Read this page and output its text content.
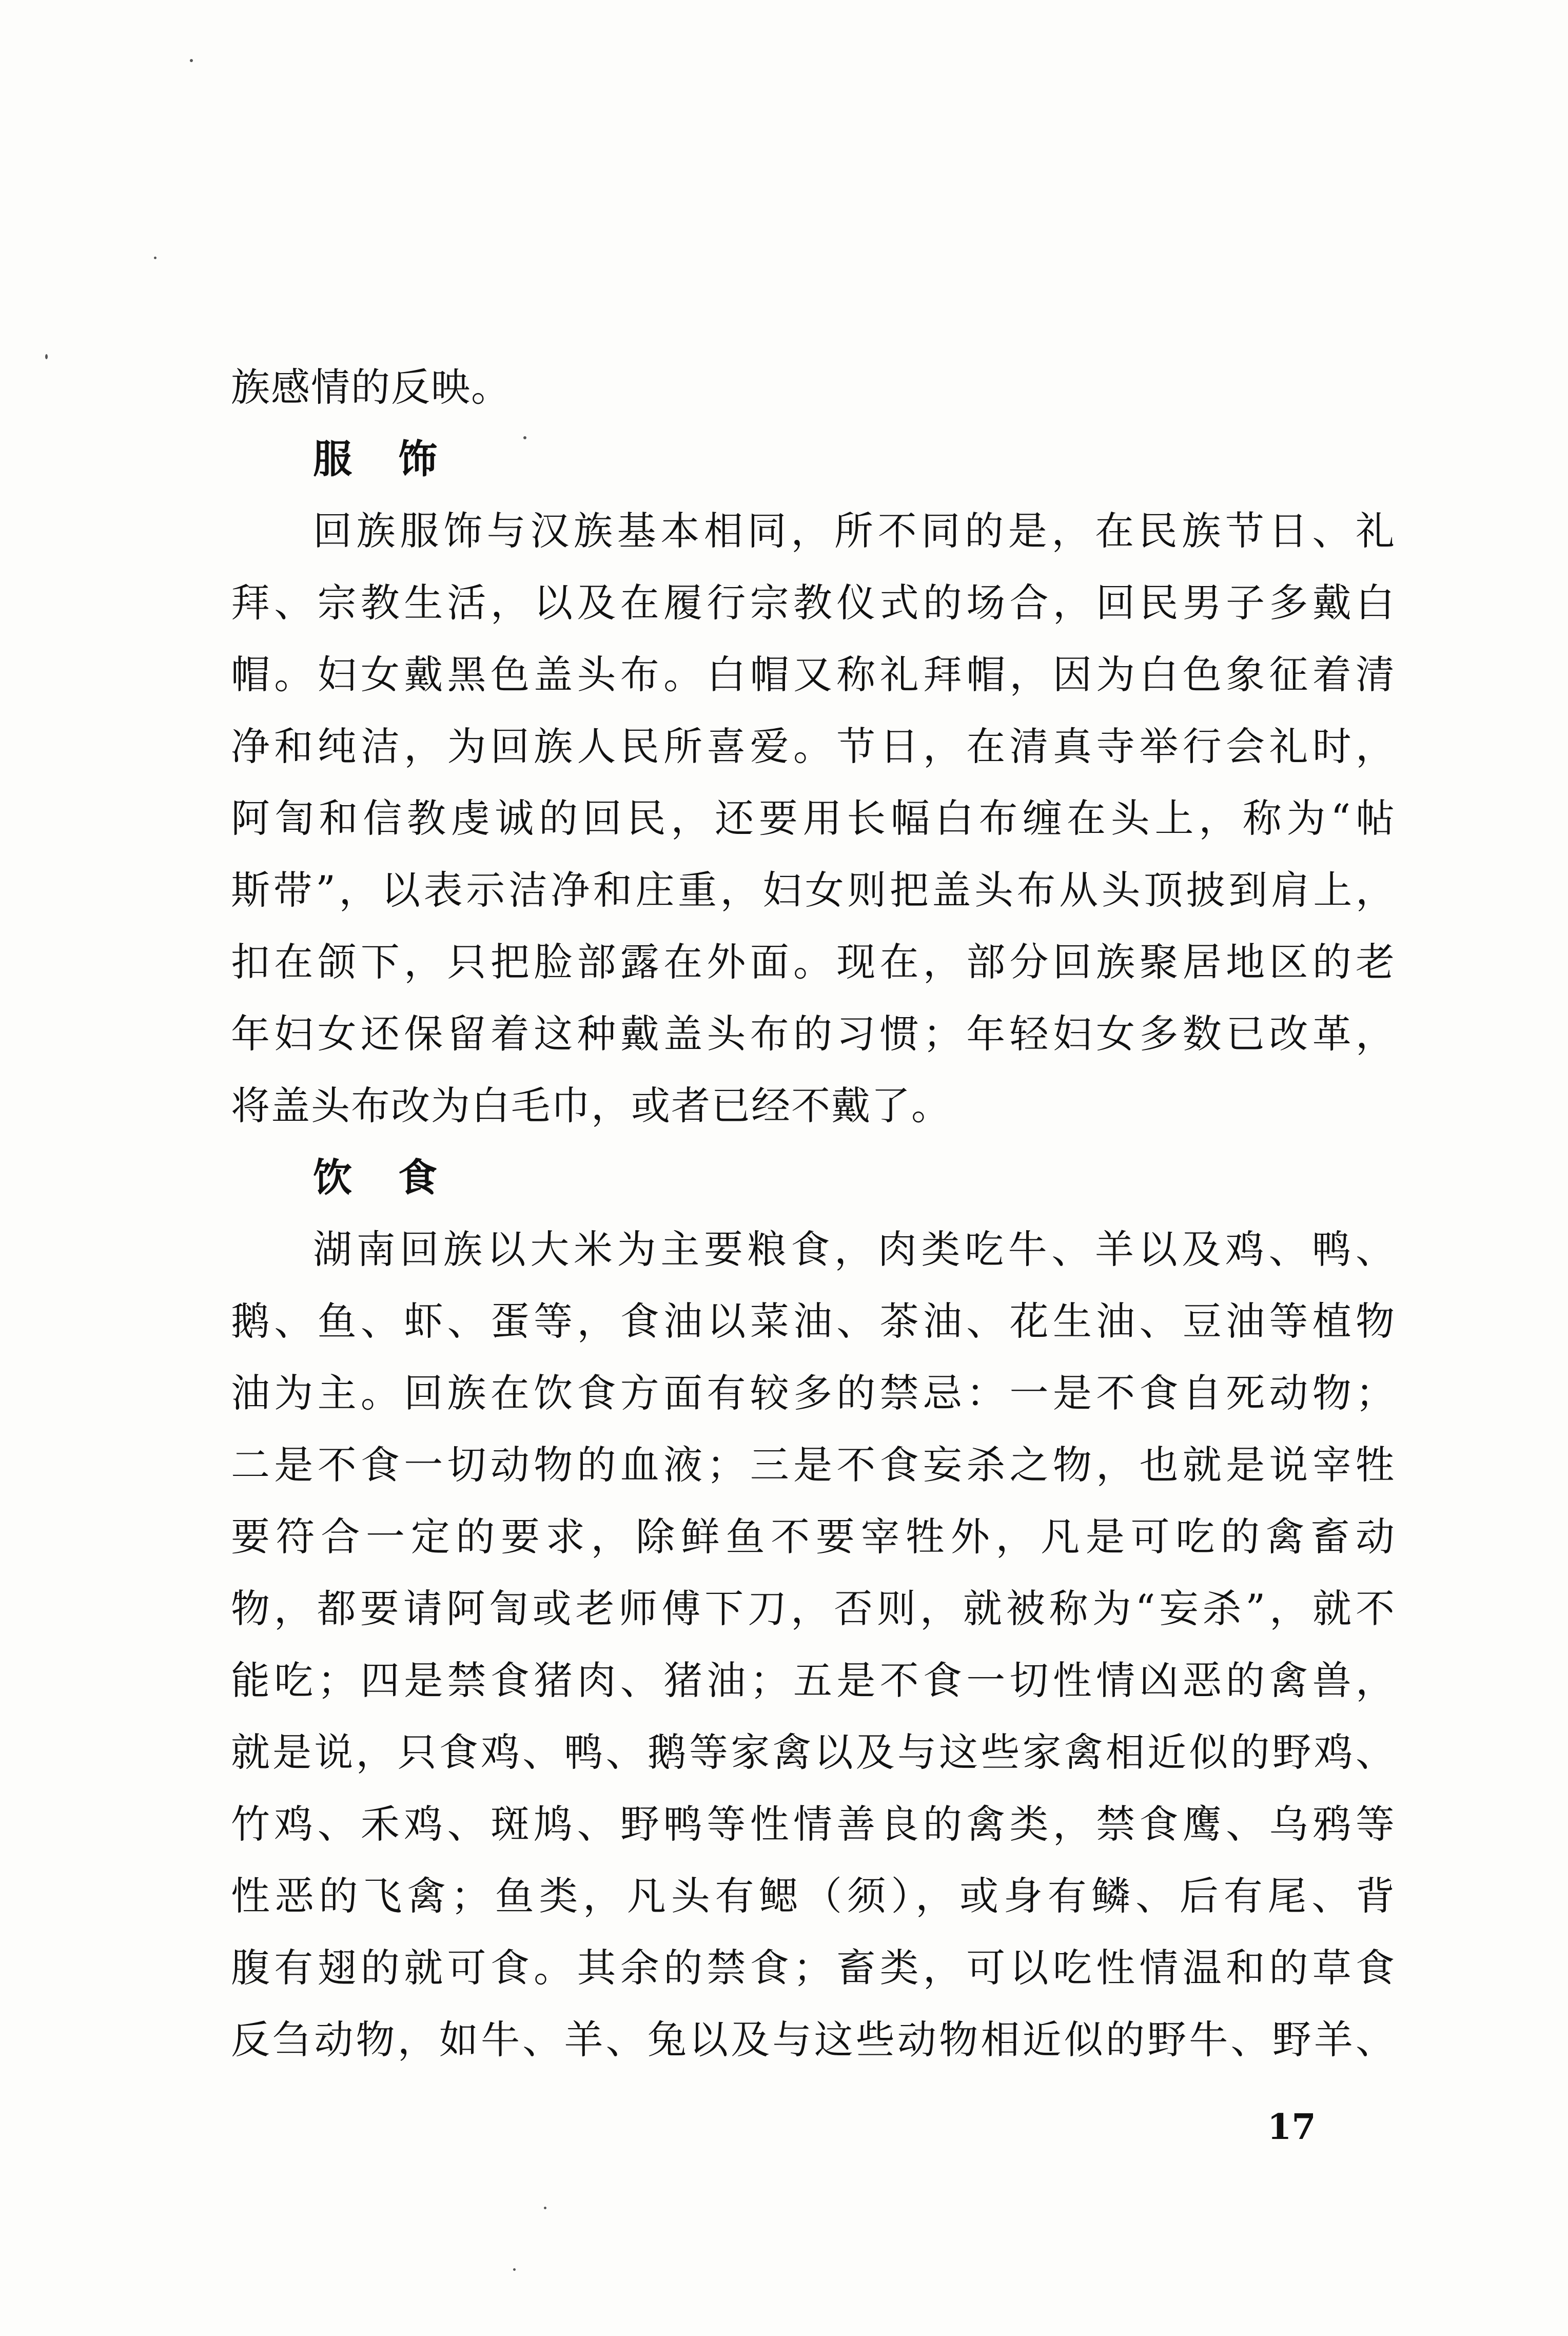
族感情的反映。
服饰
回族服饰与汉族基本相同，所不同的是，在民族节日、礼
拜、宗教生活，以及在履行宗教仪式的场合，回民男子多戴白
帽。妇女戴黑色盖头布。白帽又称礼拜帽，因为白色象征着清
净和纯洁，为回族人民所喜爱。节日，在清真寺举行会礼时，
阿訇和信教虔诚的回民，还要用长幅白布缠在头上，称为“帖
斯带”，以表示洁净和庄重，妇女则把盖头布从头顶披到肩上，
扣在颌下，只把脸部露在外面。现在，部分回族聚居地区的老
年妇女还保留着这种戴盖头布的习惯；年轻妇女多数已改革，
将盖头布改为白毛巾，或者已经不戴了。
饮食
湖南回族以大米为主要粮食，肉类吃牛、羊以及鸡、鸭、
鹅、鱼、虾、蛋等，食油以菜油、茶油、花生油、豆油等植物
油为主。回族在饮食方面有较多的禁忌：一是不食自死动物；
二是不食一切动物的血液；三是不食妄杀之物，也就是说宰牲
要符合一定的要求，除鲜鱼不要宰牲外，凡是可吃的禽畜动
物，都要请阿訇或老师傅下刀，否则，就被称为“妄杀”，就不
能吃；四是禁食猪肉、猪油；五是不食一切性情凶恶的禽兽，
就是说，只食鸡、鸭、鹅等家禽以及与这些家禽相近似的野鸡、
竹鸡、禾鸡、斑鸠、野鸭等性情善良的禽类，禁食鹰、乌鸦等
性恶的飞禽；鱼类，凡头有鳃（须），或身有鳞、后有尾、背
腹有翅的就可食。其余的禁食；畜类，可以吃性情温和的草食
反刍动物，如牛、羊、兔以及与这些动物相近似的野牛、野羊、
17
